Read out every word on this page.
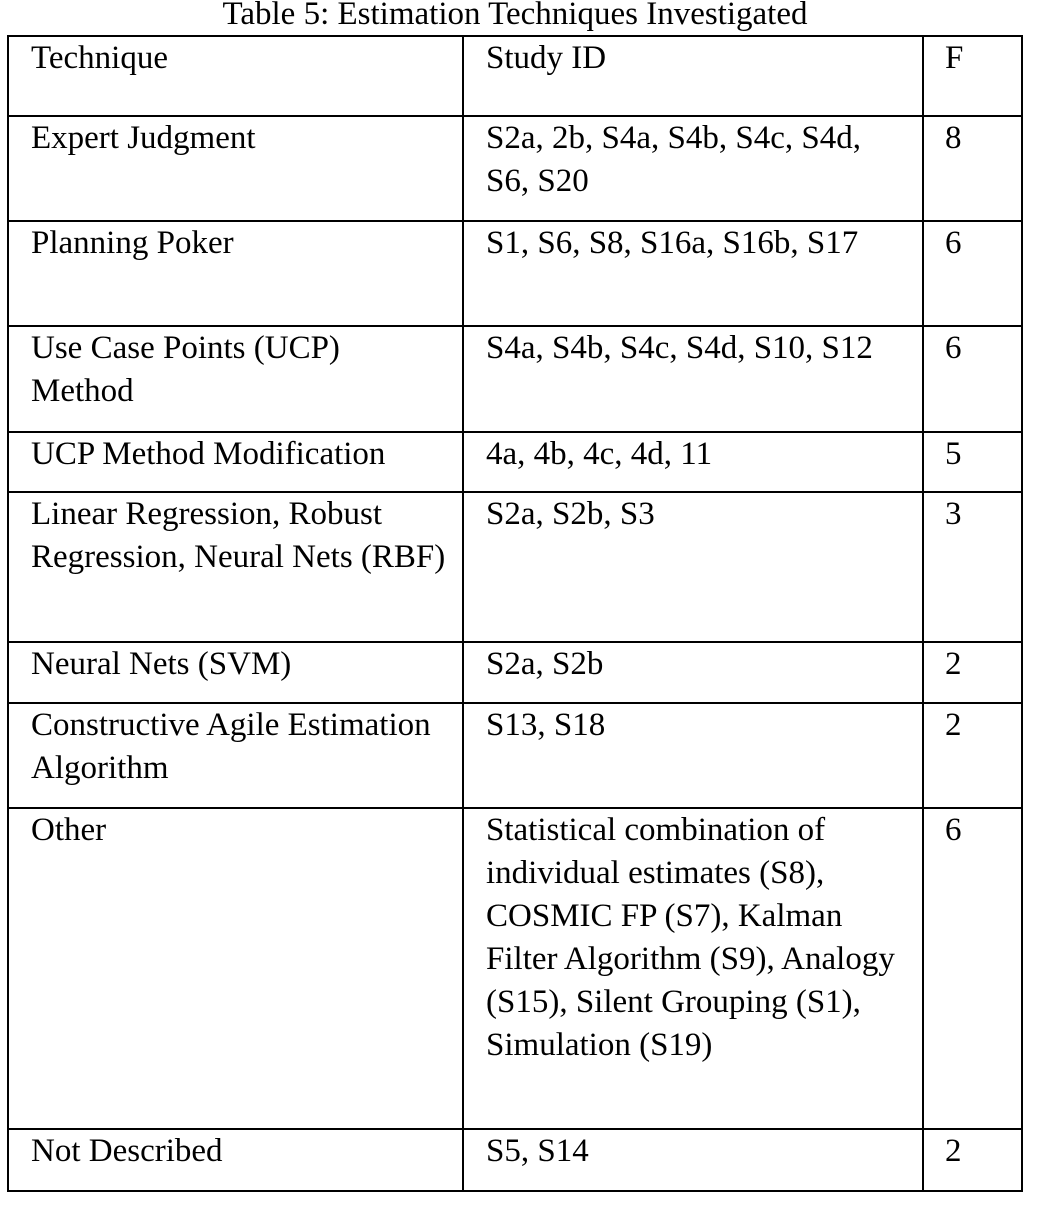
Table 5: Estimation Techniques Investigated
Technique	Study ID	F
Expert Judgment	S2a, 2b, S4a, S4b, S4c, S4d, S6, S20	8
Planning Poker	S1, S6, S8, S16a, S16b, S17	6
Use Case Points (UCP) Method	S4a, S4b, S4c, S4d, S10, S12	6
UCP Method Modification	4a, 4b, 4c, 4d, 11	5
Linear Regression, Robust Regression, Neural Nets (RBF)	S2a, S2b, S3	3
Neural Nets (SVM)	S2a, S2b	2
Constructive Agile Estimation Algorithm	S13, S18	2
Other	Statistical combination of individual estimates (S8), COSMIC FP (S7), Kalman Filter Algorithm (S9), Analogy (S15), Silent Grouping (S1), Simulation (S19)	6
Not Described	S5, S14	2
